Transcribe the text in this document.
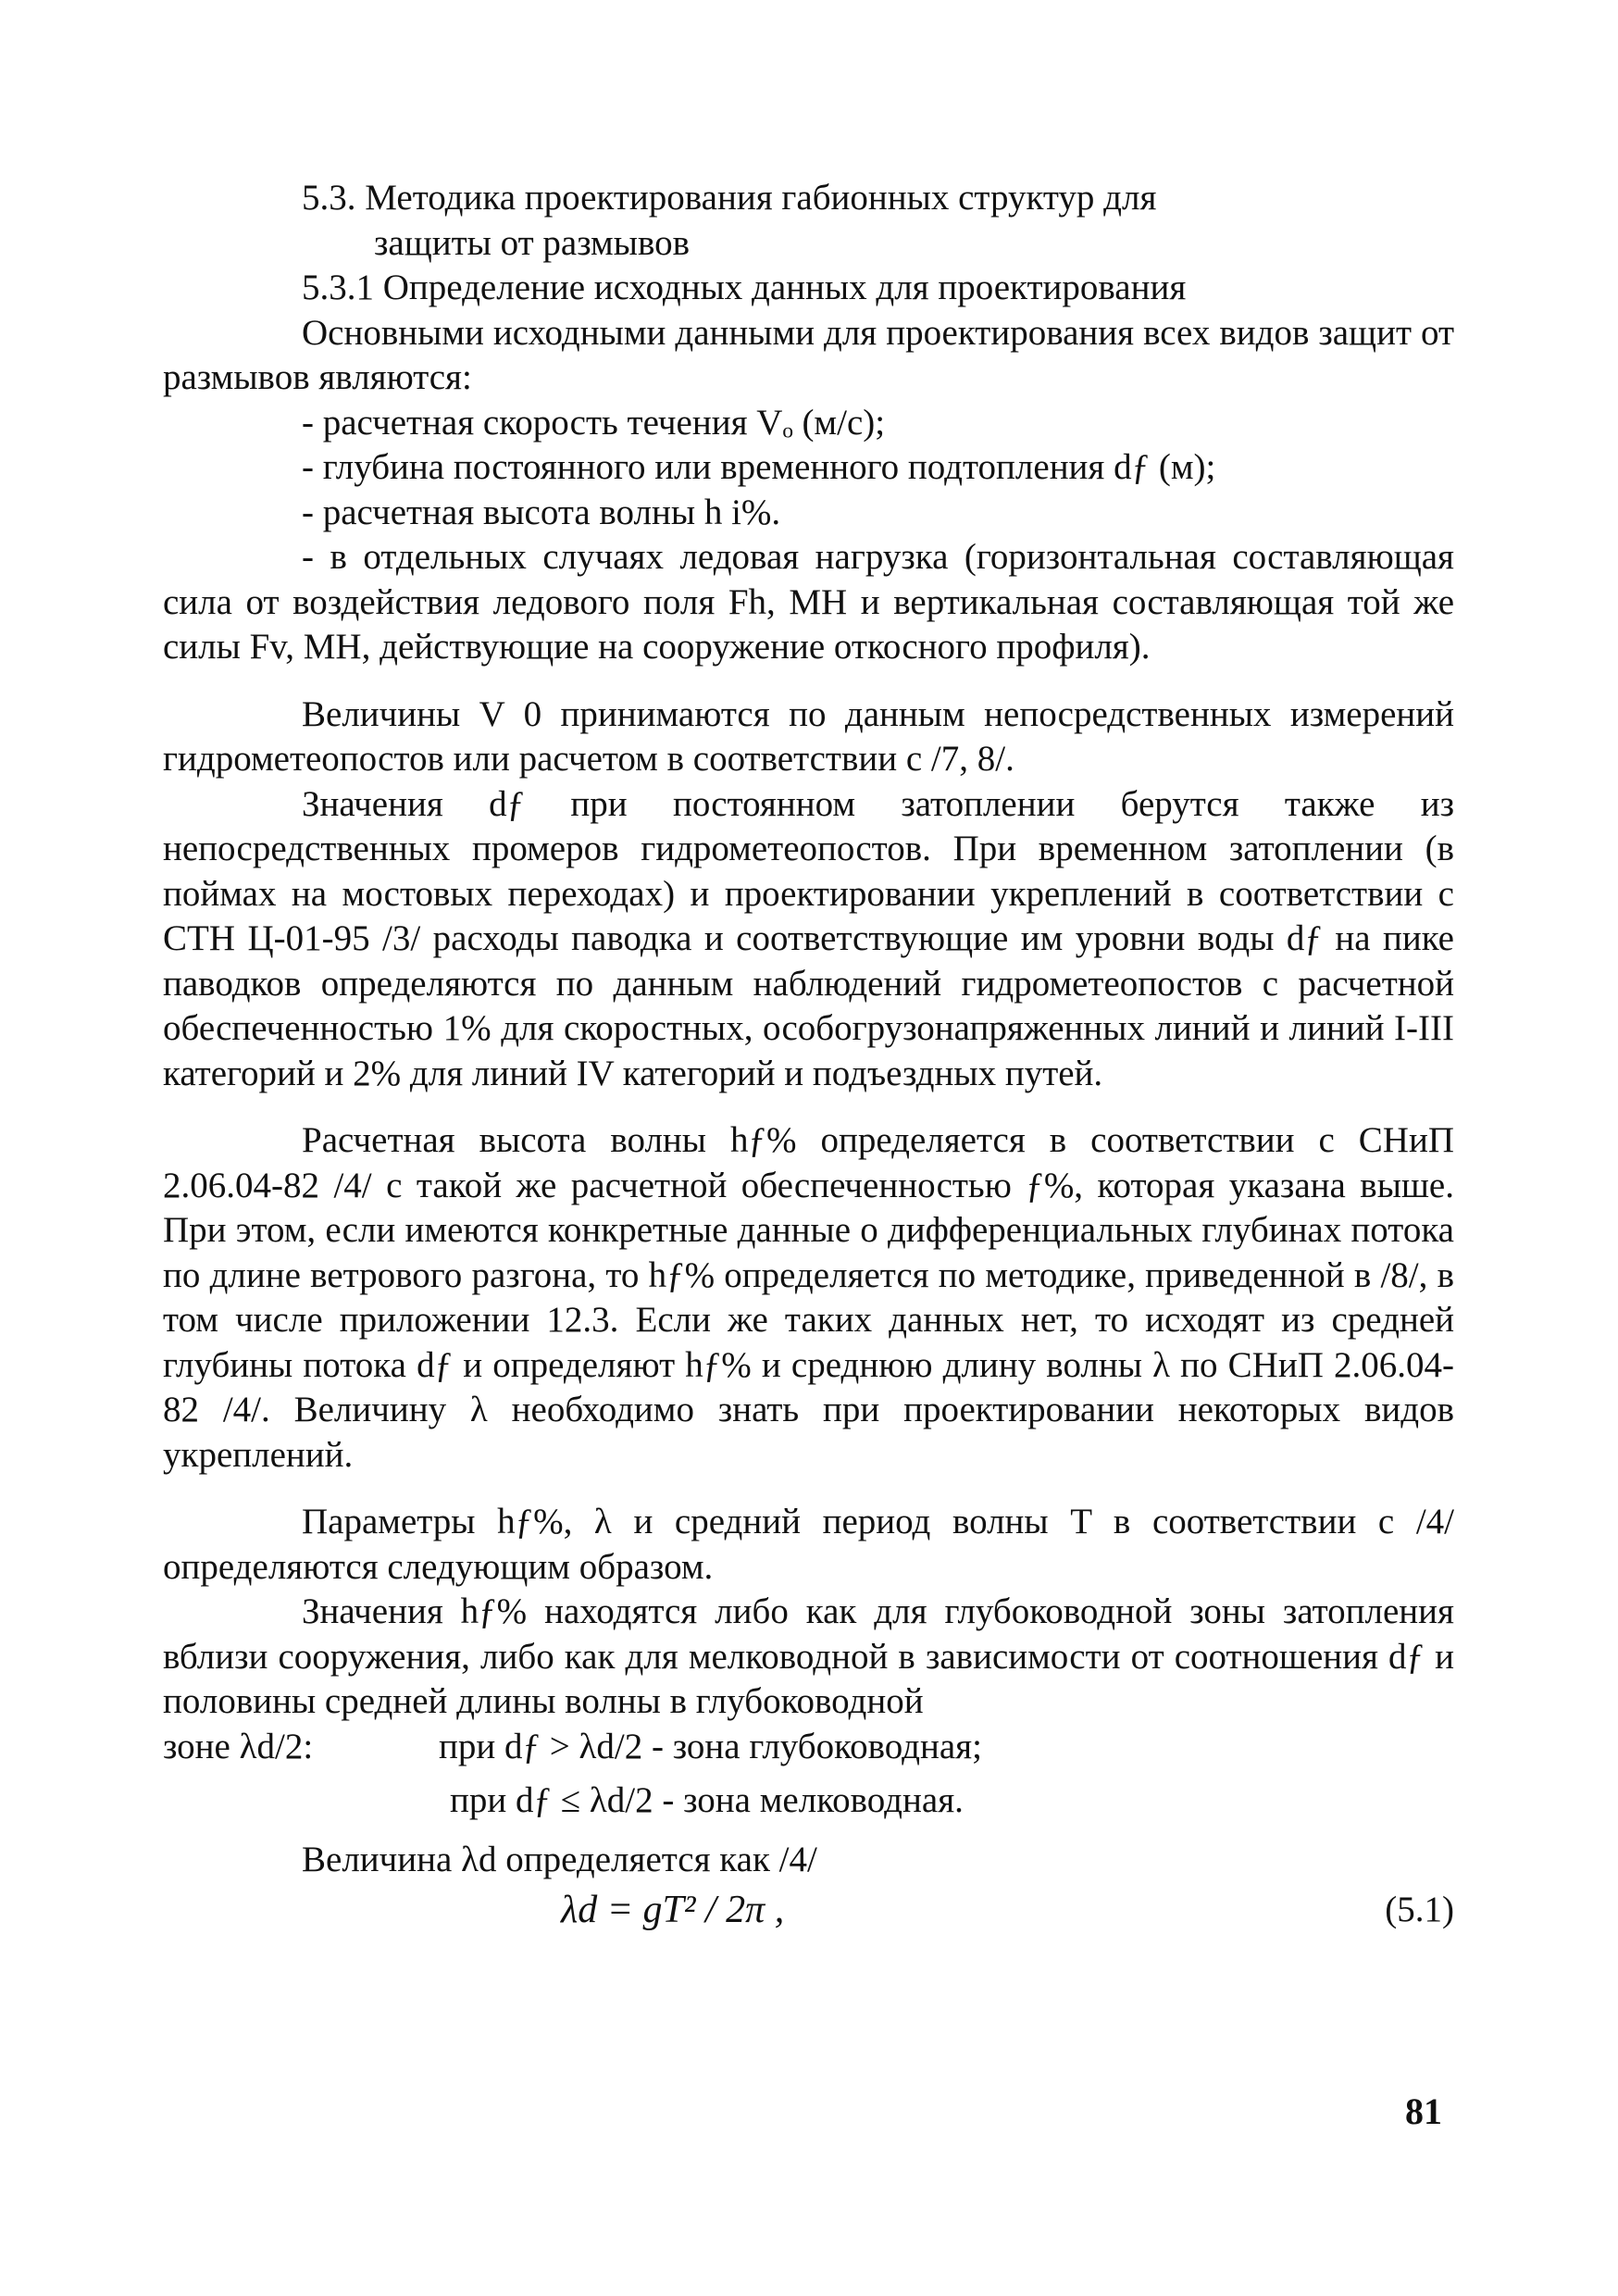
5.3. Методика проектирования габионных структур для
защиты от размывов

5.3.1 Определение исходных данных для проектирования

Основными исходными данными для проектирования всех видов защит от размывов являются:

- расчетная скорость течения Vₒ (м/с);

- глубина постоянного или временного подтопления dƒ (м);

- расчетная высота волны h i%.

- в отдельных случаях ледовая нагрузка (горизонтальная составляющая сила от воздействия ледового поля Fh, МН и вертикальная составляющая той же силы Fv, МН, действующие на сооружение откосного профиля).

Величины V 0 принимаются по данным непосредственных измерений гидрометеопостов или расчетом в соответствии с /7, 8/.

Значения dƒ при постоянном затоплении берутся также из непосредственных промеров гидрометеопостов. При временном затоплении (в поймах на мостовых переходах) и проектировании укреплений в соответствии с СТН Ц-01-95 /3/ расходы паводка и соответствующие им уровни воды dƒ на пике паводков определяются по данным наблюдений гидрометеопостов с расчетной обеспеченностью 1% для скоростных, особогрузонапряженных линий и линий I-III категорий и 2% для линий IV категорий и подъездных путей.

Расчетная высота волны hƒ% определяется в соответствии с СНиП 2.06.04-82 /4/ с такой же расчетной обеспеченностью ƒ%, которая указана выше. При этом, если имеются конкретные данные о дифференциальных глубинах потока по длине ветрового разгона, то hƒ% определяется по методике, приведенной в /8/, в том числе приложении 12.3. Если же таких данных нет, то исходят из средней глубины потока dƒ и определяют hƒ% и среднюю длину волны λ по СНиП 2.06.04-82 /4/. Величину λ необходимо знать при проектировании некоторых видов укреплений.

Параметры hƒ%, λ и средний период волны T в соответствии с /4/ определяются следующим образом.

Значения hƒ% находятся либо как для глубоководной зоны затопления вблизи сооружения, либо как для мелководной в зависимости от соотношения dƒ и половины средней длины волны в глубоководной

зоне λd/2:	при dƒ > λd/2 - зона глубоководная;
при dƒ ≤ λd/2 - зона мелководная.

Величина λd определяется как /4/

λd = gT² / 2π ,	(5.1)
81
